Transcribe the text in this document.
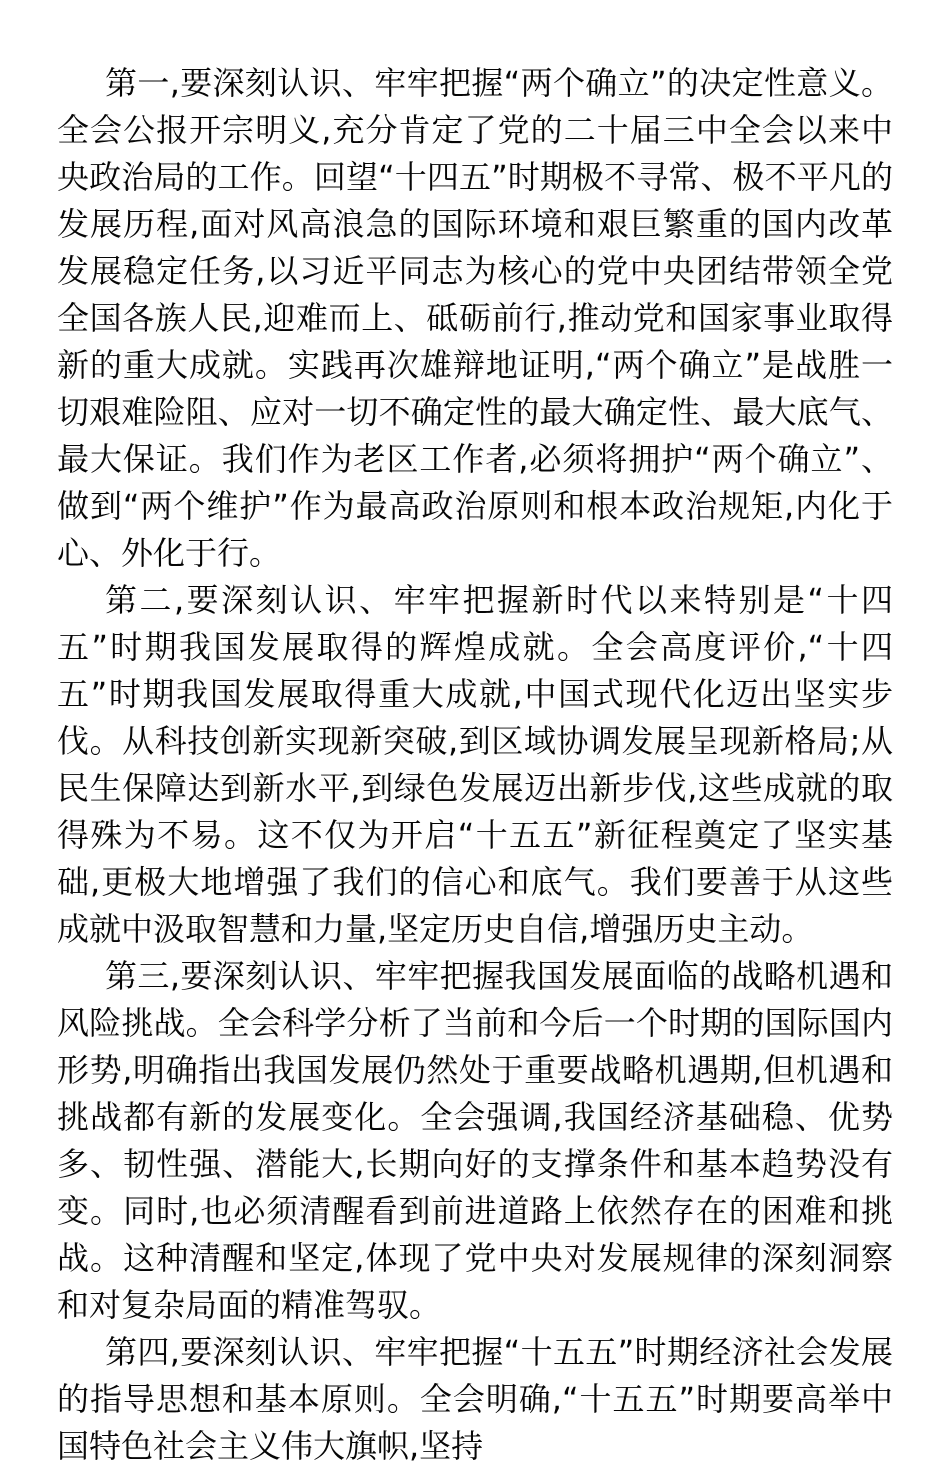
第一,要深刻认识、牢牢把握“两个确立”的决定性意义。全会公报开宗明义,充分肯定了党的二十届三中全会以来中央政治局的工作。回望“十四五”时期极不寻常、极不平凡的发展历程,面对风高浪急的国际环境和艰巨繁重的国内改革发展稳定任务,以习近平同志为核心的党中央团结带领全党全国各族人民,迎难而上、砥砺前行,推动党和国家事业取得新的重大成就。实践再次雄辩地证明,“两个确立”是战胜一切艰难险阻、应对一切不确定性的最大确定性、最大底气、最大保证。我们作为老区工作者,必须将拥护“两个确立”、做到“两个维护”作为最高政治原则和根本政治规矩,内化于心、外化于行。

第二,要深刻认识、牢牢把握新时代以来特别是“十四五”时期我国发展取得的辉煌成就。全会高度评价,“十四五”时期我国发展取得重大成就,中国式现代化迈出坚实步伐。从科技创新实现新突破,到区域协调发展呈现新格局;从民生保障达到新水平,到绿色发展迈出新步伐,这些成就的取得殊为不易。这不仅为开启“十五五”新征程奠定了坚实基础,更极大地增强了我们的信心和底气。我们要善于从这些成就中汲取智慧和力量,坚定历史自信,增强历史主动。

第三,要深刻认识、牢牢把握我国发展面临的战略机遇和风险挑战。全会科学分析了当前和今后一个时期的国际国内形势,明确指出我国发展仍然处于重要战略机遇期,但机遇和挑战都有新的发展变化。全会强调,我国经济基础稳、优势多、韧性强、潜能大,长期向好的支撑条件和基本趋势没有变。同时,也必须清醒看到前进道路上依然存在的困难和挑战。这种清醒和坚定,体现了党中央对发展规律的深刻洞察和对复杂局面的精准驾驭。

第四,要深刻认识、牢牢把握“十五五”时期经济社会发展的指导思想和基本原则。全会明确,“十五五”时期要高举中国特色社会主义伟大旗帜,坚持
